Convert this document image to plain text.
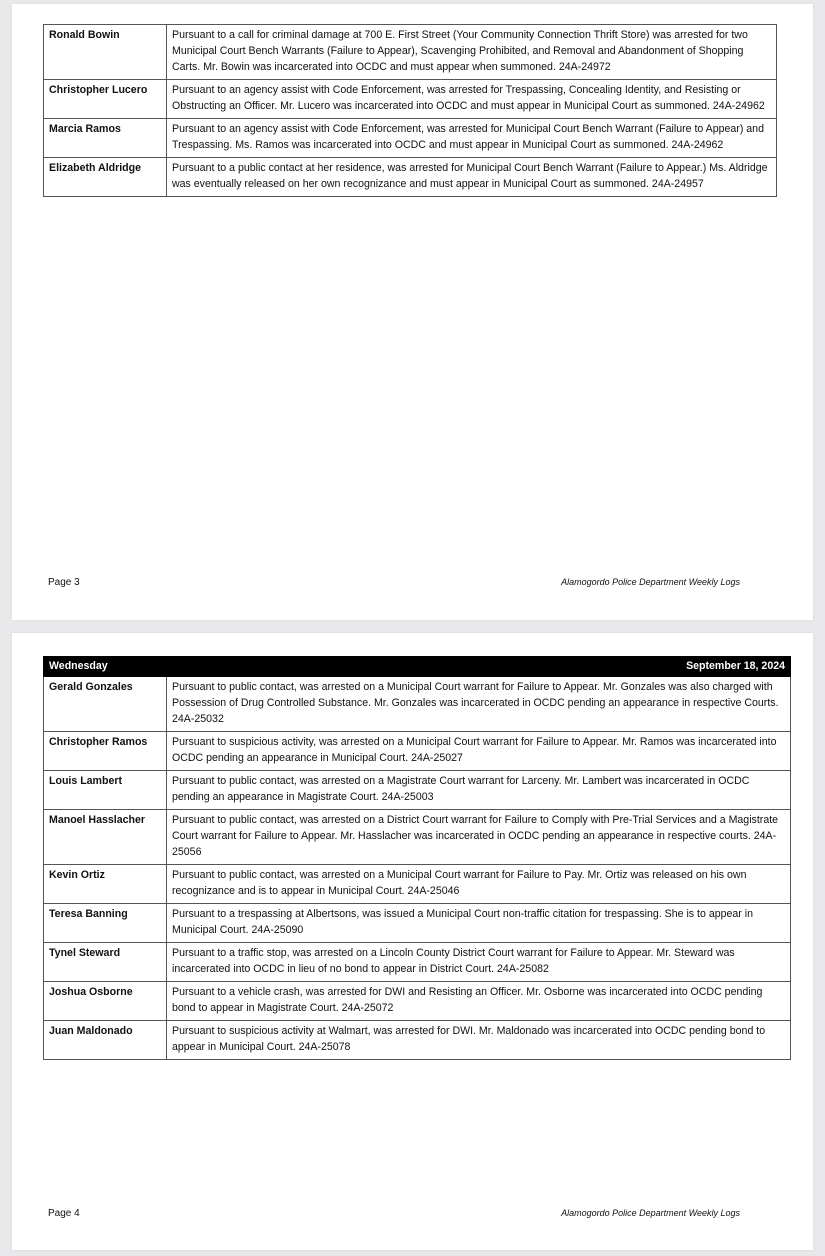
Ronald Bowin	Pursuant to a call for criminal damage at 700 E. First Street (Your Community Connection Thrift Store) was arrested for two Municipal Court Bench Warrants (Failure to Appear), Scavenging Prohibited, and Removal and Abandonment of Shopping Carts. Mr. Bowin was incarcerated into OCDC and must appear when summoned. 24A-24972
Christopher Lucero	Pursuant to an agency assist with Code Enforcement, was arrested for Trespassing, Concealing Identity, and Resisting or Obstructing an Officer. Mr. Lucero was incarcerated into OCDC and must appear in Municipal Court as summoned. 24A-24962
Marcia Ramos	Pursuant to an agency assist with Code Enforcement, was arrested for Municipal Court Bench Warrant (Failure to Appear) and Trespassing. Ms. Ramos was incarcerated into OCDC and must appear in Municipal Court as summoned. 24A-24962
Elizabeth Aldridge	Pursuant to a public contact at her residence, was arrested for Municipal Court Bench Warrant (Failure to Appear.) Ms. Aldridge was eventually released on her own recognizance and must appear in Municipal Court as summoned. 24A-24957
Page 3	Alamogordo Police Department Weekly Logs
Wednesday	September 18, 2024
Gerald Gonzales	Pursuant to public contact, was arrested on a Municipal Court warrant for Failure to Appear. Mr. Gonzales was also charged with Possession of Drug Controlled Substance. Mr. Gonzales was incarcerated in OCDC pending an appearance in respective Courts. 24A-25032
Christopher Ramos	Pursuant to suspicious activity, was arrested on a Municipal Court warrant for Failure to Appear. Mr. Ramos was incarcerated into OCDC pending an appearance in Municipal Court. 24A-25027
Louis Lambert	Pursuant to public contact, was arrested on a Magistrate Court warrant for Larceny. Mr. Lambert was incarcerated in OCDC pending an appearance in Magistrate Court. 24A-25003
Manoel Hasslacher	Pursuant to public contact, was arrested on a District Court warrant for Failure to Comply with Pre-Trial Services and a Magistrate Court warrant for Failure to Appear. Mr. Hasslacher was incarcerated in OCDC pending an appearance in respective courts. 24A-25056
Kevin Ortiz	Pursuant to public contact, was arrested on a Municipal Court warrant for Failure to Pay. Mr. Ortiz was released on his own recognizance and is to appear in Municipal Court. 24A-25046
Teresa Banning	Pursuant to a trespassing at Albertsons, was issued a Municipal Court non-traffic citation for trespassing. She is to appear in Municipal Court. 24A-25090
Tynel Steward	Pursuant to a traffic stop, was arrested on a Lincoln County District Court warrant for Failure to Appear. Mr. Steward was incarcerated into OCDC in lieu of no bond to appear in District Court. 24A-25082
Joshua Osborne	Pursuant to a vehicle crash, was arrested for DWI and Resisting an Officer. Mr. Osborne was incarcerated into OCDC pending bond to appear in Magistrate Court. 24A-25072
Juan Maldonado	Pursuant to suspicious activity at Walmart, was arrested for DWI. Mr. Maldonado was incarcerated into OCDC pending bond to appear in Municipal Court. 24A-25078
Page 4	Alamogordo Police Department Weekly Logs
